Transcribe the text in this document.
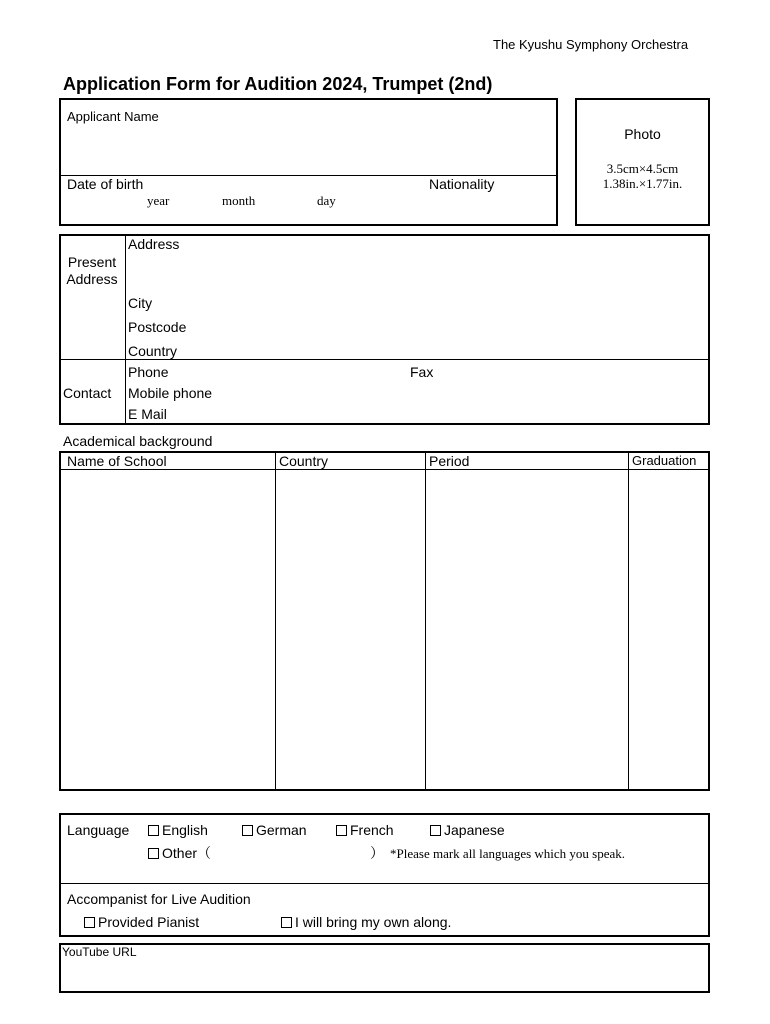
The Kyushu Symphony Orchestra
Application Form for Audition 2024, Trumpet (2nd)
Applicant Name
Date of birth
year	month	day
Nationality
Photo
3.5cm×4.5cm
1.38in.×1.77in.
Present
Address
Address
City
Postcode
Country
Contact
Phone	Fax
Mobile phone
E Mail
Academical background
Name of School	Country	Period	Graduation
Language	English	German	French	Japanese
Other（	） *Please mark all languages which you speak.
Accompanist for Live Audition
Provided Pianist	I will bring my own along.
YouTube URL
